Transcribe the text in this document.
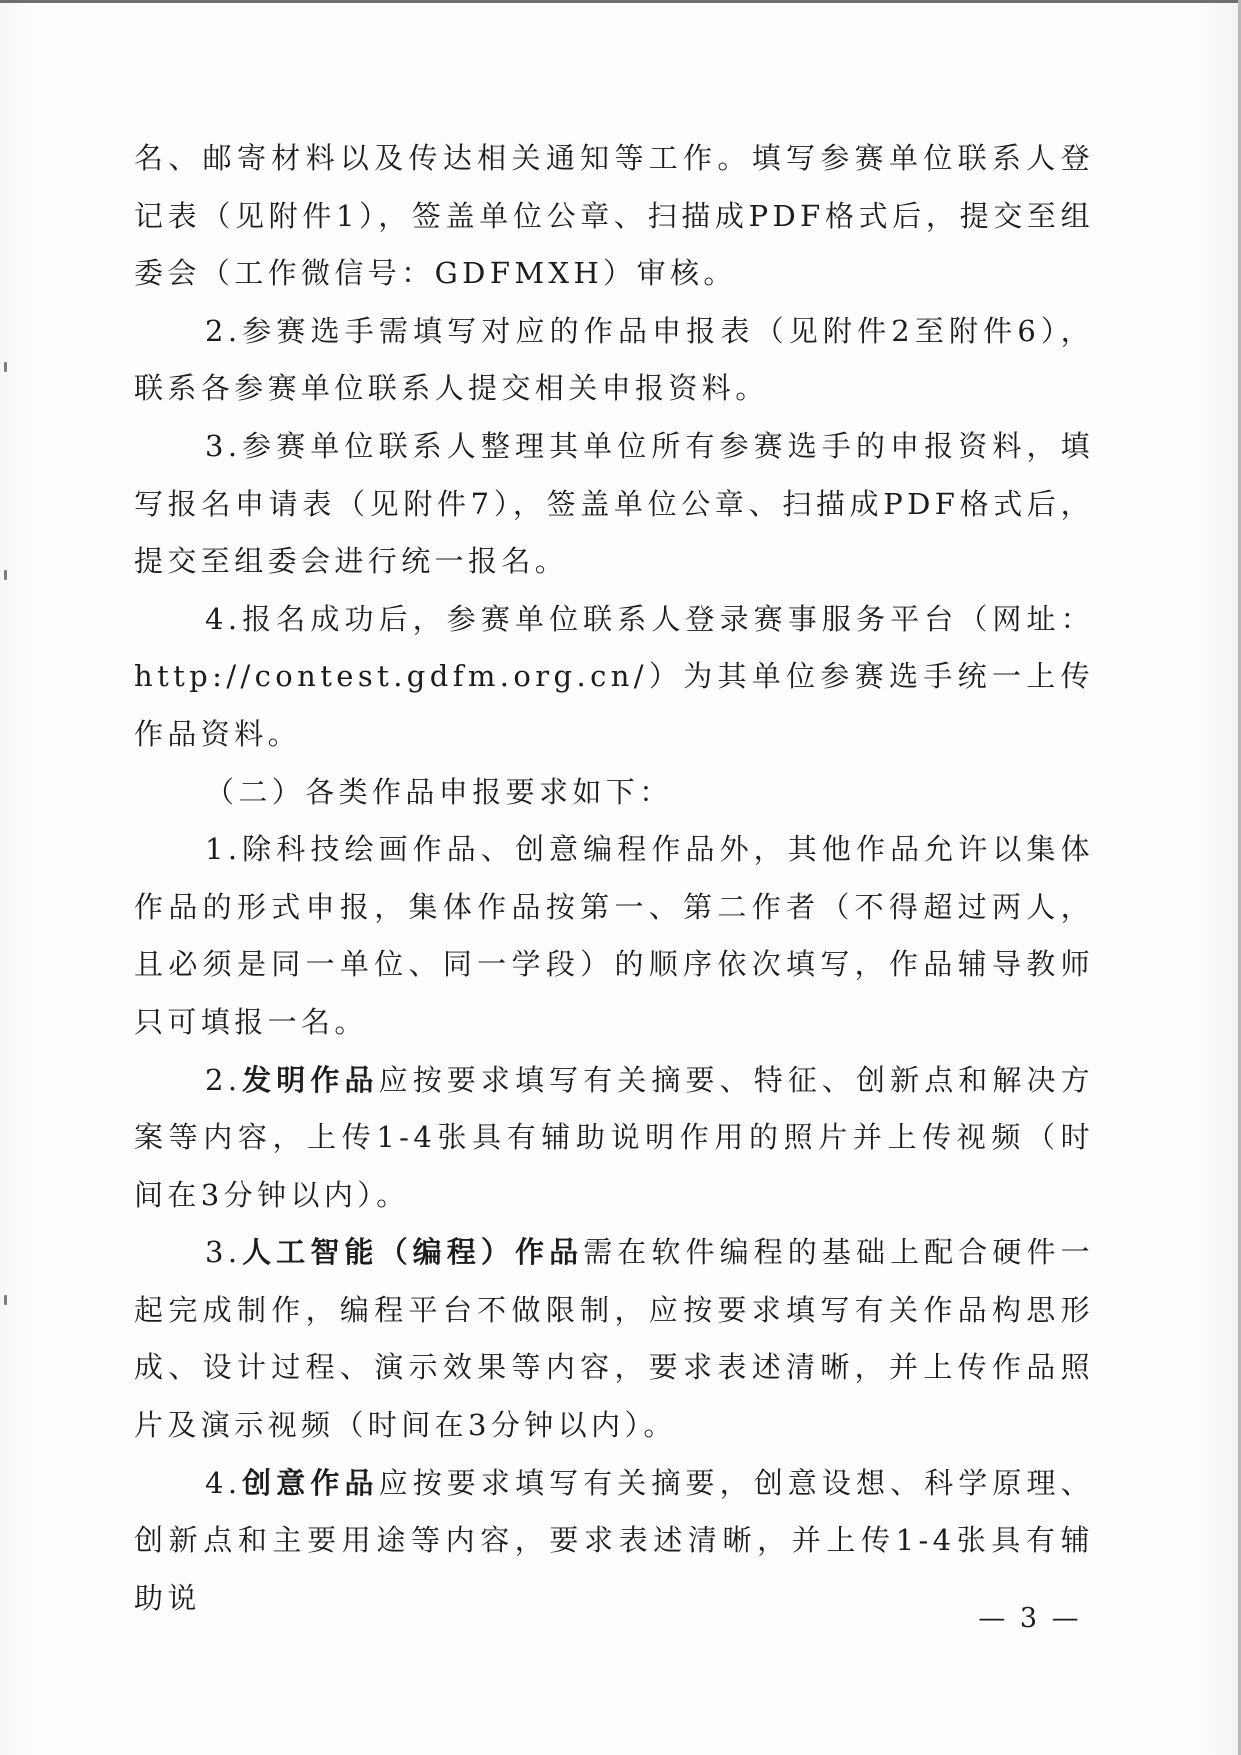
名、邮寄材料以及传达相关通知等工作。填写参赛单位联系人登记表（见附件1），签盖单位公章、扫描成PDF格式后，提交至组委会（工作微信号：GDFMXH）审核。

2.参赛选手需填写对应的作品申报表（见附件2至附件6），联系各参赛单位联系人提交相关申报资料。

3.参赛单位联系人整理其单位所有参赛选手的申报资料，填写报名申请表（见附件7），签盖单位公章、扫描成PDF格式后，提交至组委会进行统一报名。

4.报名成功后，参赛单位联系人登录赛事服务平台（网址：http://contest.gdfm.org.cn/）为其单位参赛选手统一上传作品资料。

（二）各类作品申报要求如下：

1.除科技绘画作品、创意编程作品外，其他作品允许以集体作品的形式申报，集体作品按第一、第二作者（不得超过两人，且必须是同一单位、同一学段）的顺序依次填写，作品辅导教师只可填报一名。

2.发明作品应按要求填写有关摘要、特征、创新点和解决方案等内容，上传1-4张具有辅助说明作用的照片并上传视频（时间在3分钟以内）。

3.人工智能（编程）作品需在软件编程的基础上配合硬件一起完成制作，编程平台不做限制，应按要求填写有关作品构思形成、设计过程、演示效果等内容，要求表述清晰，并上传作品照片及演示视频（时间在3分钟以内）。

4.创意作品应按要求填写有关摘要，创意设想、科学原理、创新点和主要用途等内容，要求表述清晰，并上传1-4张具有辅助说

— 3 —
